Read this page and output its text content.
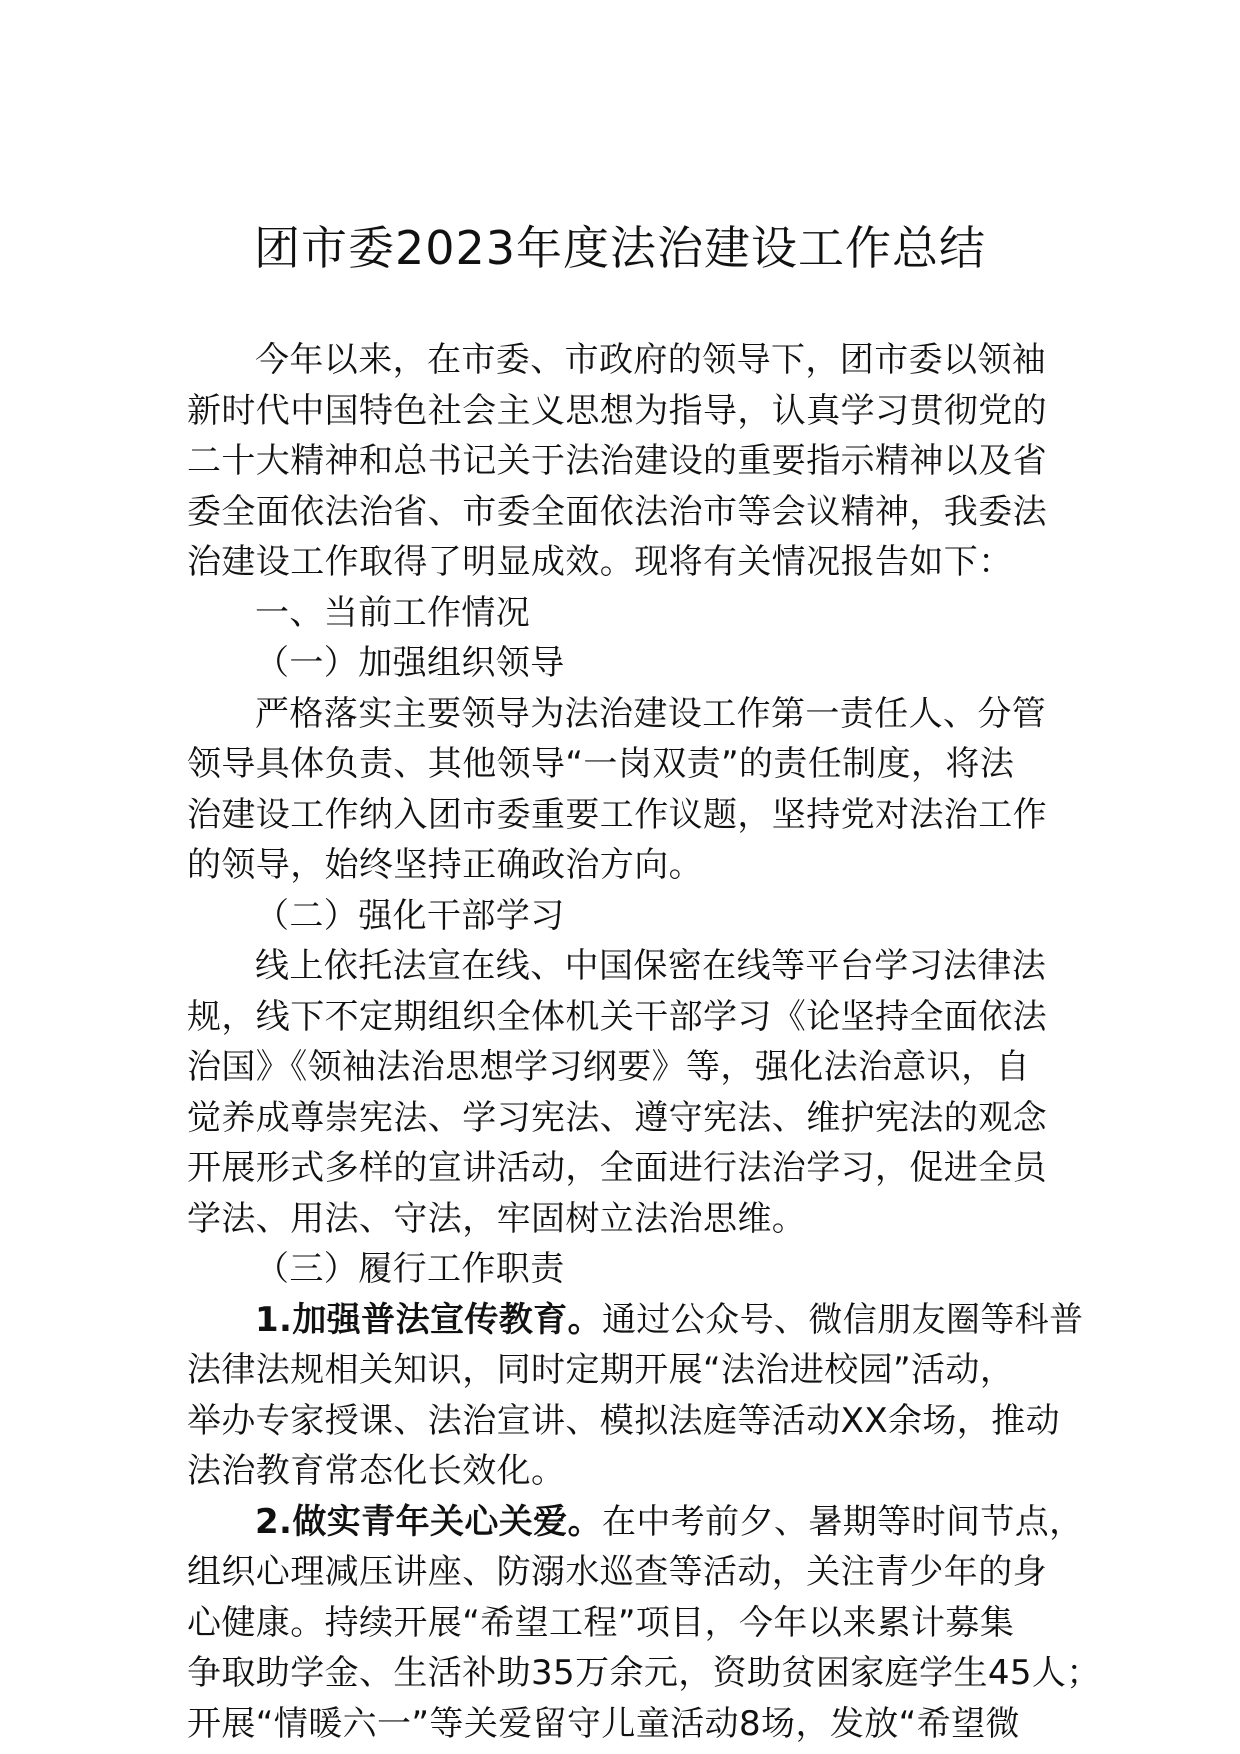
团市委2023年度法治建设工作总结
今年以来，在市委、市政府的领导下，团市委以领袖
新时代中国特色社会主义思想为指导，认真学习贯彻党的
二十大精神和总书记关于法治建设的重要指示精神以及省
委全面依法治省、市委全面依法治市等会议精神，我委法
治建设工作取得了明显成效。现将有关情况报告如下：
一、当前工作情况
（一）加强组织领导
严格落实主要领导为法治建设工作第一责任人、分管
领导具体负责、其他领导“一岗双责”的责任制度，将法
治建设工作纳入团市委重要工作议题，坚持党对法治工作
的领导，始终坚持正确政治方向。
（二）强化干部学习
线上依托法宣在线、中国保密在线等平台学习法律法
规，线下不定期组织全体机关干部学习《论坚持全面依法
治国》《领袖法治思想学习纲要》等，强化法治意识，自
觉养成尊崇宪法、学习宪法、遵守宪法、维护宪法的观念
开展形式多样的宣讲活动，全面进行法治学习，促进全员
学法、用法、守法，牢固树立法治思维。
（三）履行工作职责
1.加强普法宣传教育。通过公众号、微信朋友圈等科普
法律法规相关知识，同时定期开展“法治进校园”活动，
举办专家授课、法治宣讲、模拟法庭等活动XX余场，推动
法治教育常态化长效化。
2.做实青年关心关爱。在中考前夕、暑期等时间节点，
组织心理减压讲座、防溺水巡查等活动，关注青少年的身
心健康。持续开展“希望工程”项目，今年以来累计募集
争取助学金、生活补助35万余元，资助贫困家庭学生45人；
开展“情暖六一”等关爱留守儿童活动8场，发放“希望微
